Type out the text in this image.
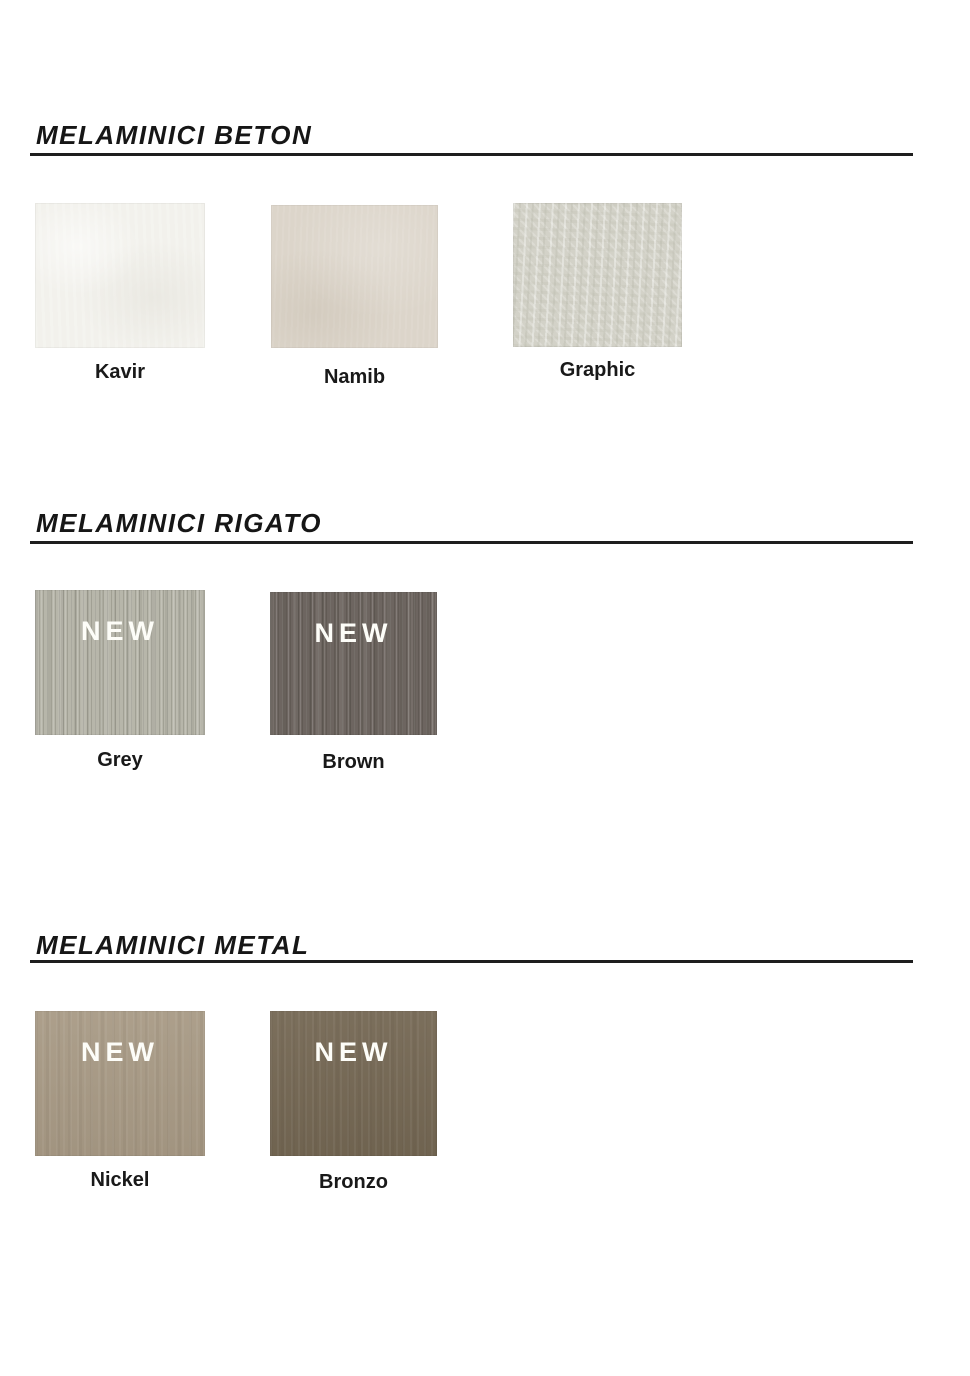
MELAMINICI BETON
Kavir	Namib	Graphic
MELAMINICI RIGATO
NEW
Grey
NEW
Brown
MELAMINICI METAL
NEW
Nickel
NEW
Bronzo
